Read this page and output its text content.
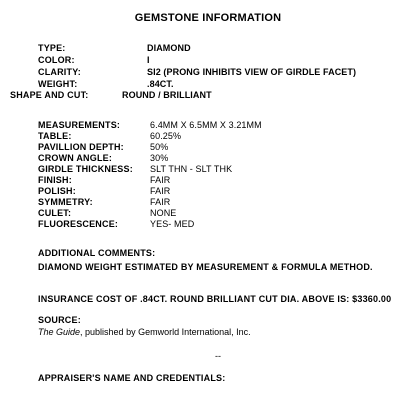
GEMSTONE INFORMATION
TYPE:	DIAMOND
COLOR:	I
CLARITY:	SI2 (PRONG INHIBITS VIEW OF GIRDLE FACET)
WEIGHT:	.84CT.
SHAPE AND CUT:	ROUND / BRILLIANT
MEASUREMENTS:	6.4MM X 6.5MM X 3.21MM
TABLE:	60.25%
PAVILLION DEPTH:	50%
CROWN ANGLE:	30%
GIRDLE THICKNESS: SLT THN - SLT THK
FINISH:	FAIR
POLISH:	FAIR
SYMMETRY:	FAIR
CULET:	NONE
FLUORESCENCE:	YES- MED
ADDITIONAL COMMENTS:
DIAMOND WEIGHT ESTIMATED BY MEASUREMENT & FORMULA METHOD.
INSURANCE COST OF .84CT. ROUND BRILLIANT CUT DIA. ABOVE IS: $3360.00
SOURCE:
The Guide, published by Gemworld International, Inc.
--
APPRAISER'S NAME AND CREDENTIALS:
